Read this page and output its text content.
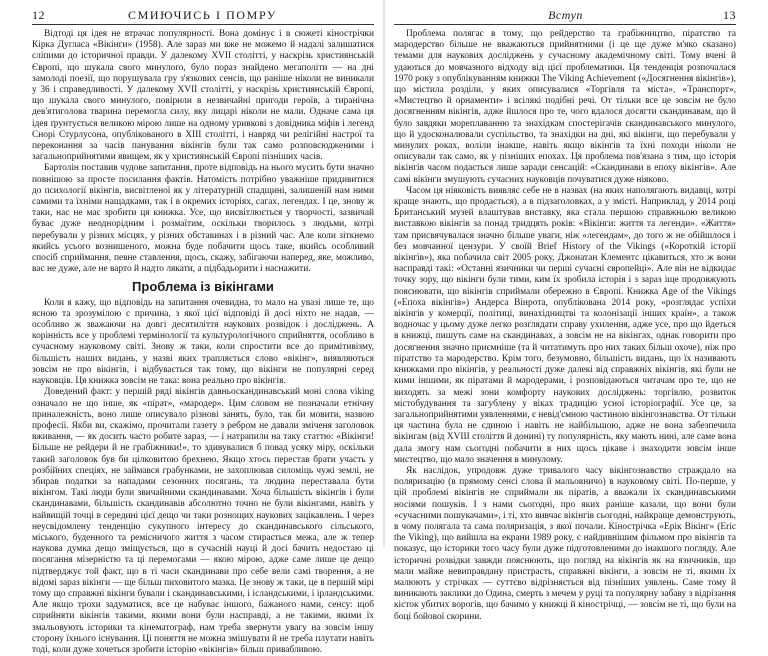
12	СМИЮЧИСЬ І ПОМРУ

Відтоді ця ідея не втрачає популярності. Вона домінує і в сюжеті кінострічки Кірка Дугласа «Вікінги» (1958). Але зараз ми вже не можемо й надалі залишатися сліпими до історичної правди. У далекому XVII столітті, у наскрізь християнській Європі, що шукала свого минулого, було пораз знайдено мегаполіти — на дні замолоді поезії, що порушувала гру з'язкових сенсів, що раніше ніколи не виникали у 36 і справедливості. У далекому XVII столітті, у наскрізь християнській Європі, що шукала свого минулого, повірили в незвичайні пригоди героїв, а тиранічна дев'ятиголова тварина перемогла силу, яку лицарі ніколи не мали. Одначе сама ця ідея ґрунтується великою мірою лише на одному уривкові з довідника міфів і легенд Снорі Стурлусона, опублікованого в XIII столітті, і навряд чи релігійні настрої та переконання за часів панування вікінгів були так само розповсюдженими і загальноприйнятими явищем, як у християнській Європі пізніших часів.

Бартолін поставив чудове запитання, проте відповідь на нього мусить бути значно повнішою за просте посилання фактів. Натомість потрібно уважніше придивитися до психології вікінгів, висвітленої як у літературній спадщині, залишеній нам ними самими та їхніми нащадками, так і в окремих історіях, сагах, легендах. І це, знову ж таки, нас не має зробити ця книжка. Усе, що висвітлюється у творчості, зазвичай буває дуже неоднорідним і розмаїтим, оскільки творилось з людьми, котрі перебували у різних місцях, у різних обставинах і в різний час. Але коли зіткнемо якийсь усього вознишеного, можна буде побачити щось таке, якийсь особливий спосіб сприймання, певне ставлення, щось, скажу, забігаючи наперед, яке, можливо, вас не дуже, але не варто й надто лякати, а підбадьорити і наснажити.

Проблема із вікінгами

Коли я кажу, що відповідь на запитання очевидна, то мало на увазі лише те, що ясною та зрозумілою є причина, з якої цієї відповіді й досі ніхто не надав, — особливо ж зважаючи на довгі десятиліття наукових розвідок і досліджень. А корінність все у проблемі термінології та культурологічного сприйняття, особливо в сучасному науковому світі. Знову ж таки, коли спростити все до примітивізму, більшість наших видань, у назві яких трапляється слово «вікінг», виявляються зовсім не про вікінгів, і відбувається так тому, що вікінги не популярні серед науковців. Ця книжка зовсім не така: вона реально про вікінгів.

Доведений факт: у першій ряді вікінгів давньоскандинавський моні слова viking означало не що інше, як «пірат», «мародер». Цим словом не позначали етнічну приналежність, воно лише описувало різнові занять, було, так би мовити, назвою професії. Якби ви, скажімо, прочитали газету з ребром не давали зміченя заголовок вживання, — як досить часто робите зараз, — і натрапили на таку статтю: «Вікінги! Більше не рейдери й не грабіжники!», то здивувалися б повад усяку міру, оскільки такий заголовок був би цілковитою брехнею. Якщо хтось перестав брати участь у розбійних спеціях, не займався грабунками, не захоплював силоміць чужі землі, не збирав податки за нападами сезонних посягань, та людина переставала бути вікінгом. Такі люди були звичайними скандинавами. Хоча більшість вікінгів і були скандинавами, більшість скандинавів абсолютно точно не були вікінгами, навіть у найвищій точці в середині цієї дещо чи таки рознощих наукових зацікавлень. І через неусвідомлену тенденцію сукупного інтересу до скандинавського сільського, міського, буденного та ремісничого життя з часом стирається межа, але ж тепер наукова думка дещо зміщується, що в сучасній науці й досі бачить недостаю ці посягання мізерністю та ці перемогами — якою мірою, адже саме лише це дещо підтверджує той факт, що в ті часи скандинави про себе вели самі творення, а не відомі зараз вікінги — ще більш пиховитого мазка. Це знову ж таки, це в першій мірі тому що справжні вікінги бували і скандинавськими, і ісландськими, і ірландськими. Але якщо трохи задуматися, все це набуває іншого, бажаного нами, сенсу: щоб сприйняти вікінгів такими, якими вони були насправді, а не такими, якими їх змальовують історики та кінематограф, нам треба звернути увагу на зовсім іншу сторону їхнього існування. Ці поняття не можна змішувати й не треба плутати навіть тоді, коли дуже хочеться зробити історію «вікінгів» більш привабливою.

Вступ	13

Проблема полягає в тому, що рейдерство та грабіжництво, піратство та мародерство більше не вважаються прийнятними (і це ще дуже м'яко сказано) темами для наукових досліджень у сучасному академічному світі. Тому вчені й удаються до мовчазного відходу від цієї проблематики. Ця тенденція розпочалася 1970 року з опублікуванням книжки The Viking Achievement («Досягнення вікінгів»), що містила розділи, у яких описувалися «Торгівля та міста», «Транспорт», «Мистецтво й орнаменти» і всілякі подібні речі. От тільки все це зовсім не було досягненням вікінгів, адже йшлося про те, чого вдалося досягти скандинавам, що й було завдяки мореплаванню та знахідкам спостерігачів скандинавського минулого, що й удосконалювали суспільство, та знахідки на дні, які вікінги, що перебували у минулих роках, воліли інакше, навіть якщо вікінгів та їхні походи ніколи не описували так само, як у пізніших епохах. Ця проблема пов'язана з тим, що історія вікінгів часом подається лише заради сенсацій: «Скандинави в епоху вікінгів». Але самі вікінги змушують сучасних науковців почуватися дуже ніяково.

Часом ця ніяковість виявляє себе не в назвах (на яких наполягають видавці, котрі краще знають, що продається), а в підзаголовках, а у змісті. Наприклад, у 2014 році Британський музей влаштував виставку, яка стала першою справжньою великою виставкою вікінгів за понад тридцять років: «Вікінги: життя та легенди». «Життя» там присвячувалася значно більше уваги, ніж «легендам», до того ж не обійшлося і без мовчанної цензури. У своїй Brief History of the Vikings («Короткій історії вікінгів»), яка побачила світ 2005 року, Джонатан Клементс цікавиться, хто ж вони насправді такі: «Останні язичники чи перші сучасні європейці». Але він не відкидає точку зору, що вікінги були тими, ким їх зробила історія і з зараз іще продовжують пояснювати, що вікінгів сприймали обережно в Європі. Книжка Age of the Vikings («Епоха вікінгів») Андерса Вінрота, опублікована 2014 року, «розглядає успіхи вікінгів у комерції, політиці, винахідництві та колонізації інших країн», а також водночас у цьому дуже легко розглядати справу ухилення, адже усе, про що йдеться в книжці, пишуть саме на скандинавах, а зовсім не на вікінгах, однак говорити про досягнення значно приємніше (та й читатимуть про них таких більш охоче), ніж про піратство та мародерство. Крім того, безумовно, більшість видань, що їх називають книжками про вікінгів, у реальності дуже далекі від справжніх вікінгів, які були не кими іншими, як піратами й мародерами, і розповідаються читачам про те, що не виходять за межі зони комфорту наукових досліджень: торгівлю, розвиток містобудування та загублену у віках традицію усної історіографії. Усе це, за загальноприйнятими уявленнями, є невід'ємною частиною вікінгознавства. От тільки ця частина була не єдиною і навіть не найбільшою, адже не вона забезпечила вікінгам (від XVIII століття й донині) ту популярність, яку мають нині, але саме вона дала змогу нам сьогодні побачити в них щось цікаве і знаходити зовсім інше мистецтво, що мало значення в минулому.

Як наслідок, упродовж дуже тривалого часу вікінгознавство страждало на поляризацію (в прямому сенсі слова й мальовничо) в науковому світі. По-перше, у цій проблемі вікінгів не сприймали як піратів, а вважали їх скандинавськими носіями пошуків. І з нами сьогодні, про яких раніше казали, що вони були «сучасними пошукачами», і ті, хто вивчає вікінгів сьогодні, найкраще демонструють, в чому полягала та сама поляризація, з якої почали. Кінострічка «Ерік Вікінг» (Eric the Viking), що вийшла на екрани 1989 року, є найдивнішим фільмом про вікінгів та показує, що історики того часу були дуже підготовленими до інакшого погляду. Але історичні розвідки завжди пояснюють, що погляд на вікінгів як на язичників, що мали майже невиправдану пристрасть, справжні вікінги, а зовсім не ті, якими їх малюють у стрічках — суттєво відрізняється від пізніших уявлень. Саме тому й виникають заклики до Одина, смерть з мечем у руці та популярну забаву з відрізання кісток убитих ворогів, що бачимо у книжці й кінострічці, — зовсім не ті, що були на боці бойової скорини.
